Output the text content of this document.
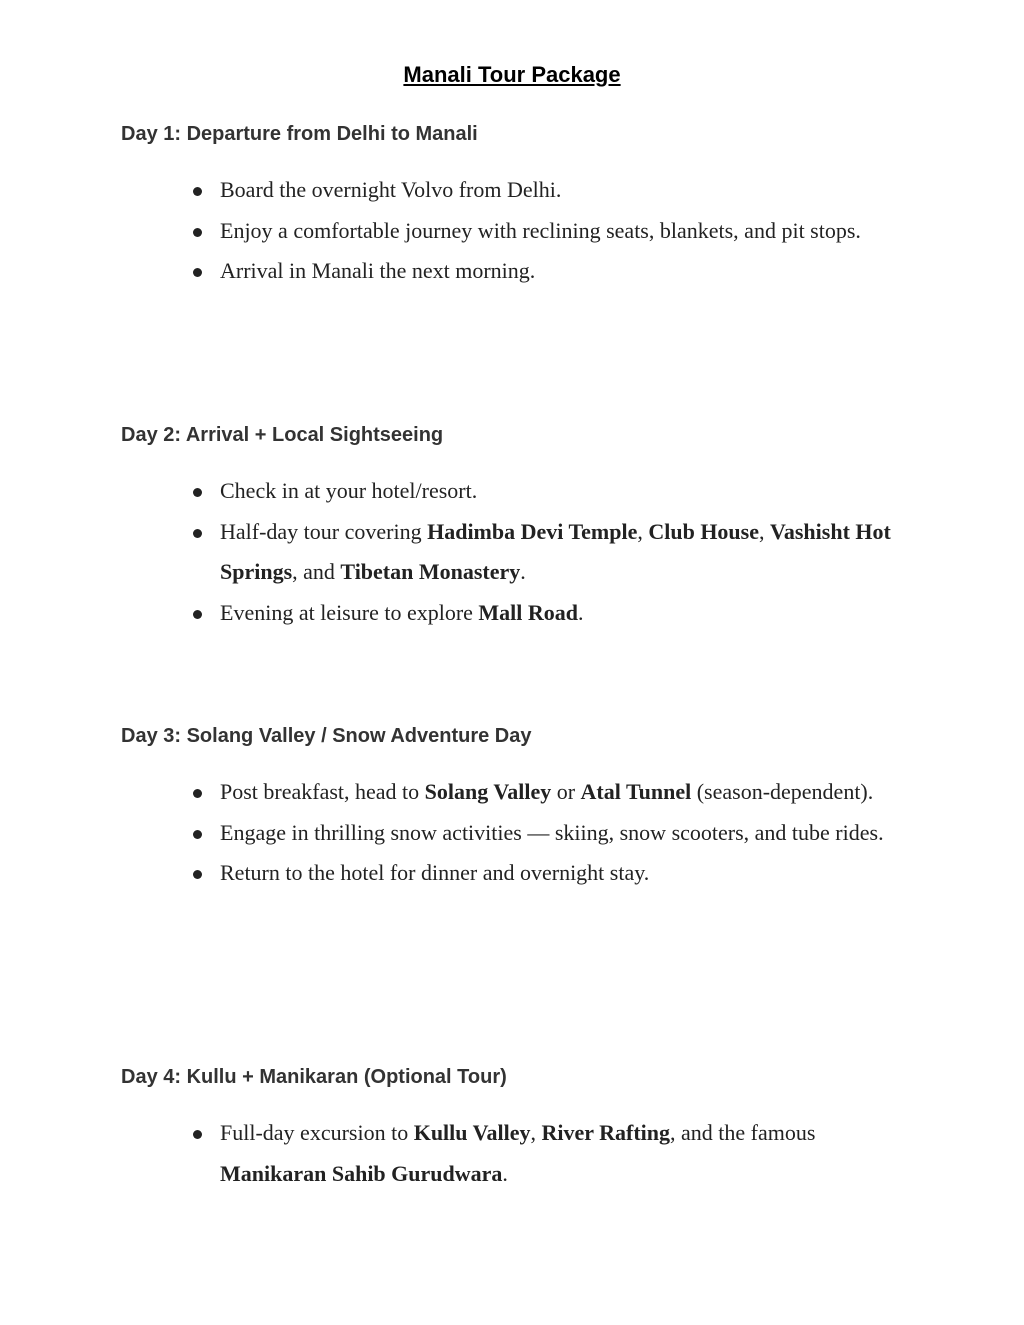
Manali Tour Package
Day 1: Departure from Delhi to Manali
Board the overnight Volvo from Delhi.
Enjoy a comfortable journey with reclining seats, blankets, and pit stops.
Arrival in Manali the next morning.
Day 2: Arrival + Local Sightseeing
Check in at your hotel/resort.
Half-day tour covering Hadimba Devi Temple, Club House, Vashisht Hot Springs, and Tibetan Monastery.
Evening at leisure to explore Mall Road.
Day 3: Solang Valley / Snow Adventure Day
Post breakfast, head to Solang Valley or Atal Tunnel (season-dependent).
Engage in thrilling snow activities — skiing, snow scooters, and tube rides.
Return to the hotel for dinner and overnight stay.
Day 4: Kullu + Manikaran (Optional Tour)
Full-day excursion to Kullu Valley, River Rafting, and the famous Manikaran Sahib Gurudwara.
